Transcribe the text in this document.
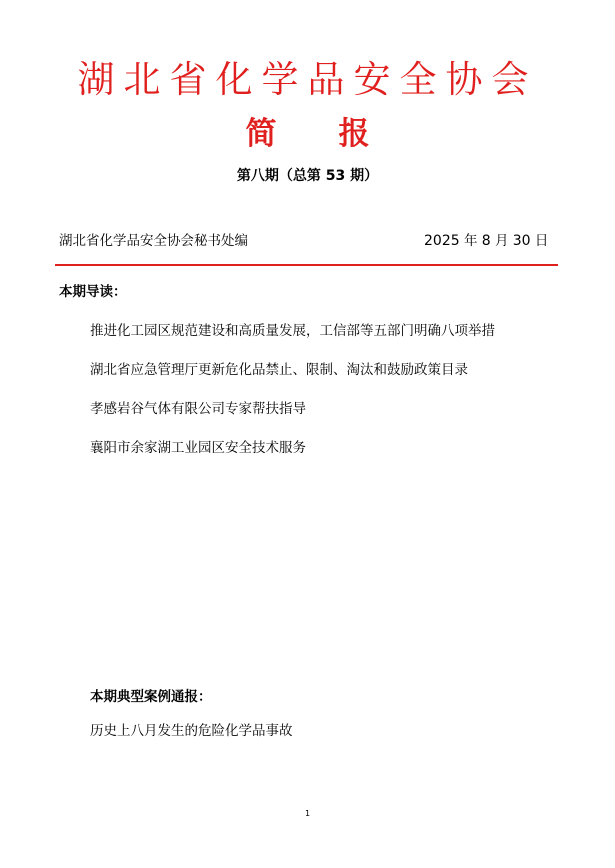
湖北省化学品安全协会
简 报
第八期（总第 53 期）
湖北省化学品安全协会秘书处编	2025 年 8 月 30 日
本期导读：
推进化工园区规范建设和高质量发展，工信部等五部门明确八项举措
湖北省应急管理厅更新危化品禁止、限制、淘汰和鼓励政策目录
孝感岩谷气体有限公司专家帮扶指导
襄阳市余家湖工业园区安全技术服务
本期典型案例通报：
历史上八月发生的危险化学品事故
1
